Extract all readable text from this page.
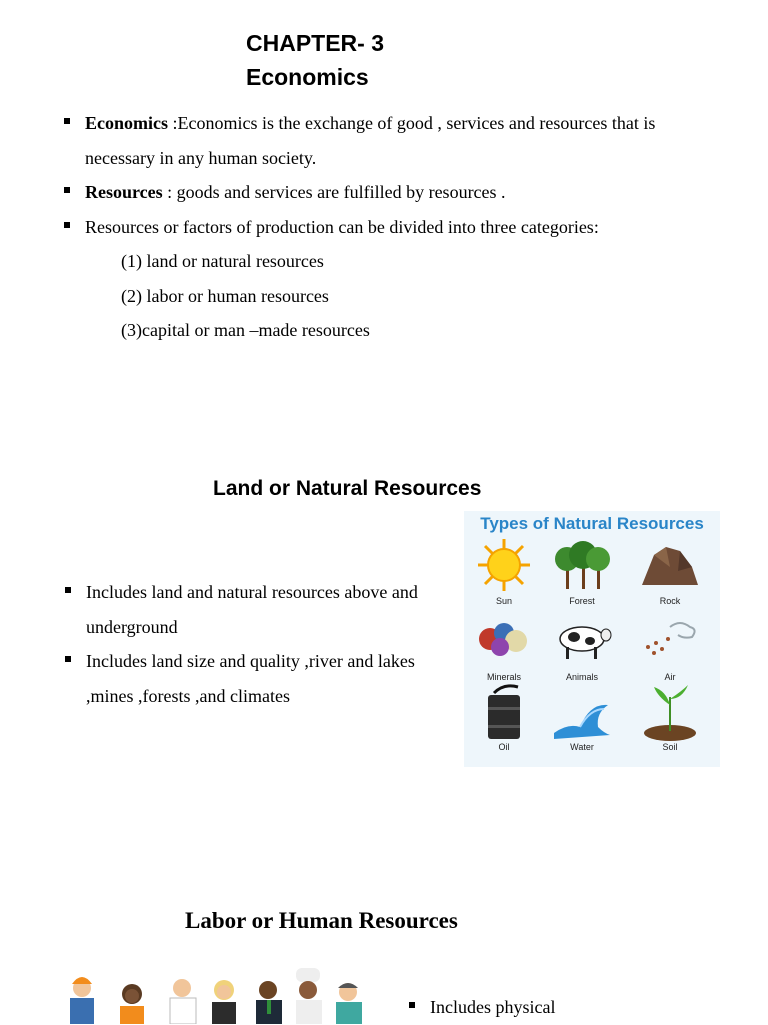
CHAPTER- 3
Economics
Economics :Economics is the exchange of good , services and resources that is necessary in any human society.
Resources : goods and services are fulfilled by resources .
Resources or factors of production can be divided into three categories:
(1) land or natural resources
(2) labor or human resources
(3)capital or man –made resources
Land or Natural Resources
Includes land and natural resources above and underground
Includes land size and quality ,river and lakes ,mines ,forests ,and climates
Types of Natural Resources
Sun	Forest	Rock
Minerals	Animals	Air
Oil	Water	Soil
Labor or Human Resources
Includes physical
